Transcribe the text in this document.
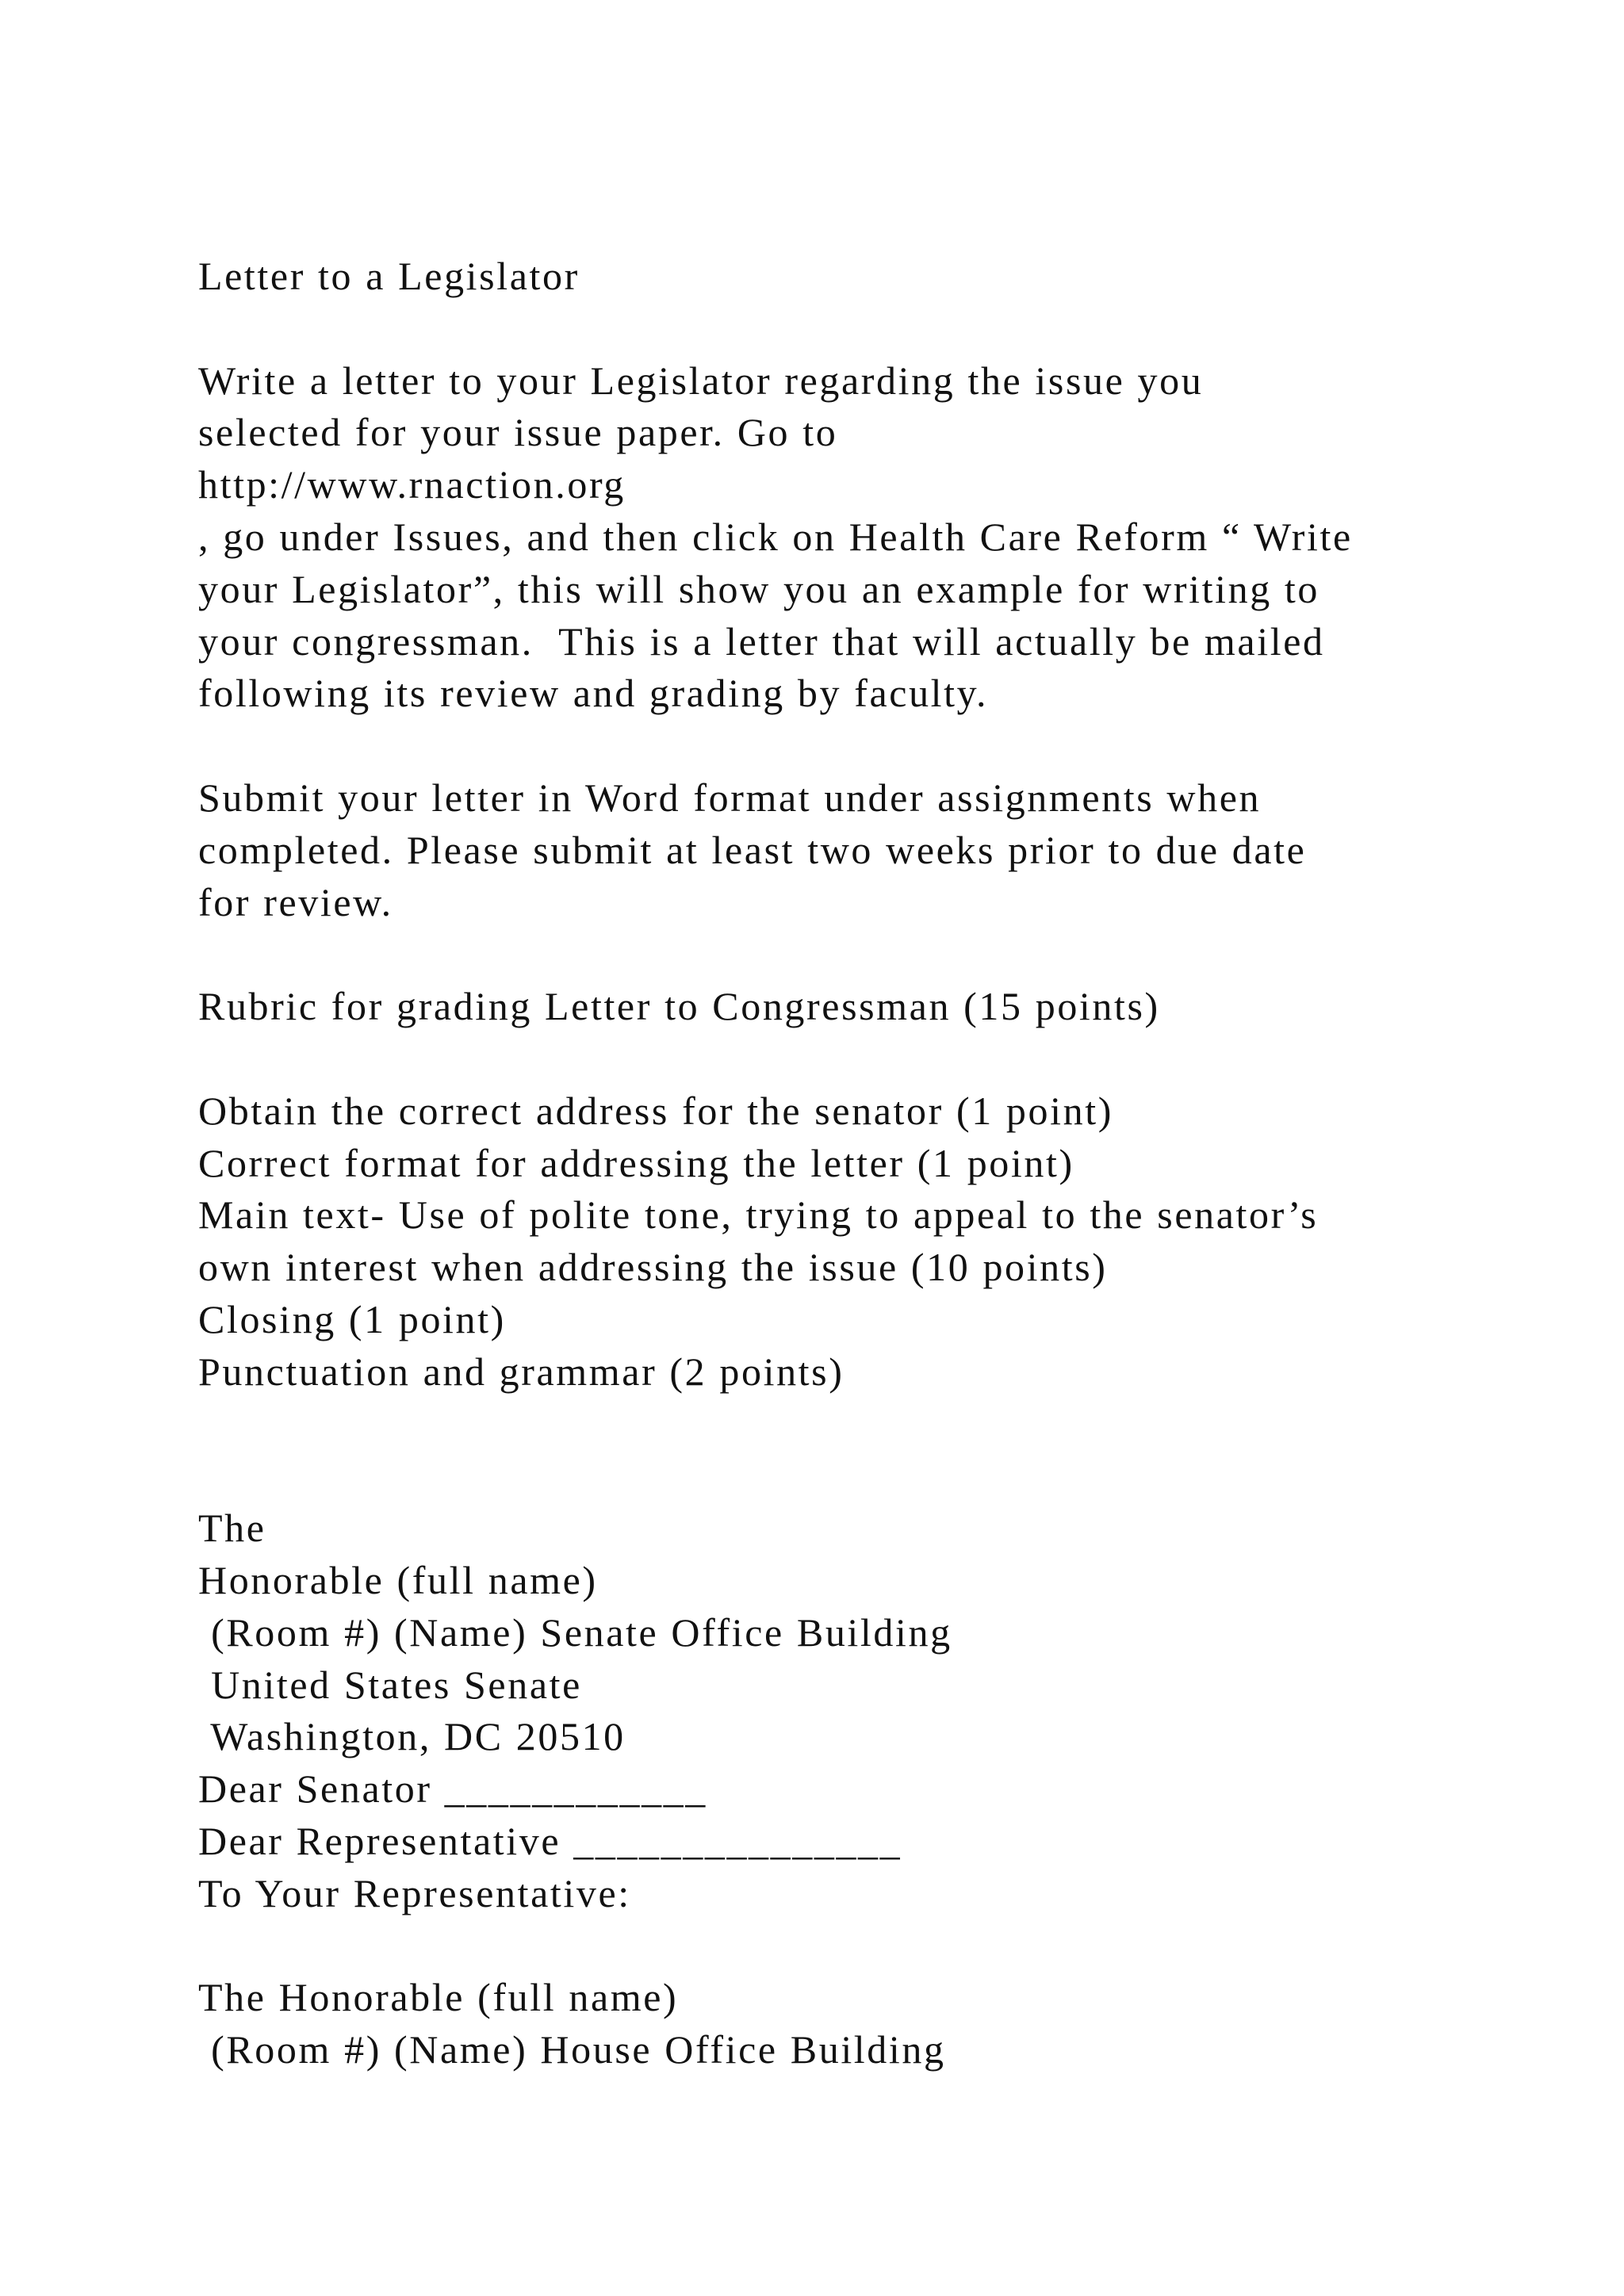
Letter to a Legislator
Write a letter to your Legislator regarding the issue you
selected for your issue paper. Go to
http://www.rnaction.org
, go under Issues, and then click on Health Care Reform “ Write
your Legislator”, this will show you an example for writing to
your congressman.  This is a letter that will actually be mailed
following its review and grading by faculty.
Submit your letter in Word format under assignments when
completed. Please submit at least two weeks prior to due date
for review.
Rubric for grading Letter to Congressman (15 points)
Obtain the correct address for the senator (1 point)
Correct format for addressing the letter (1 point)
Main text- Use of polite tone, trying to appeal to the senator’s
own interest when addressing the issue (10 points)
Closing (1 point)
Punctuation and grammar (2 points)
The
Honorable (full name)
(Room #) (Name) Senate Office Building
United States Senate
Washington, DC 20510
Dear Senator ____________
Dear Representative _______________
To Your Representative:
The Honorable (full name)
(Room #) (Name) House Office Building
